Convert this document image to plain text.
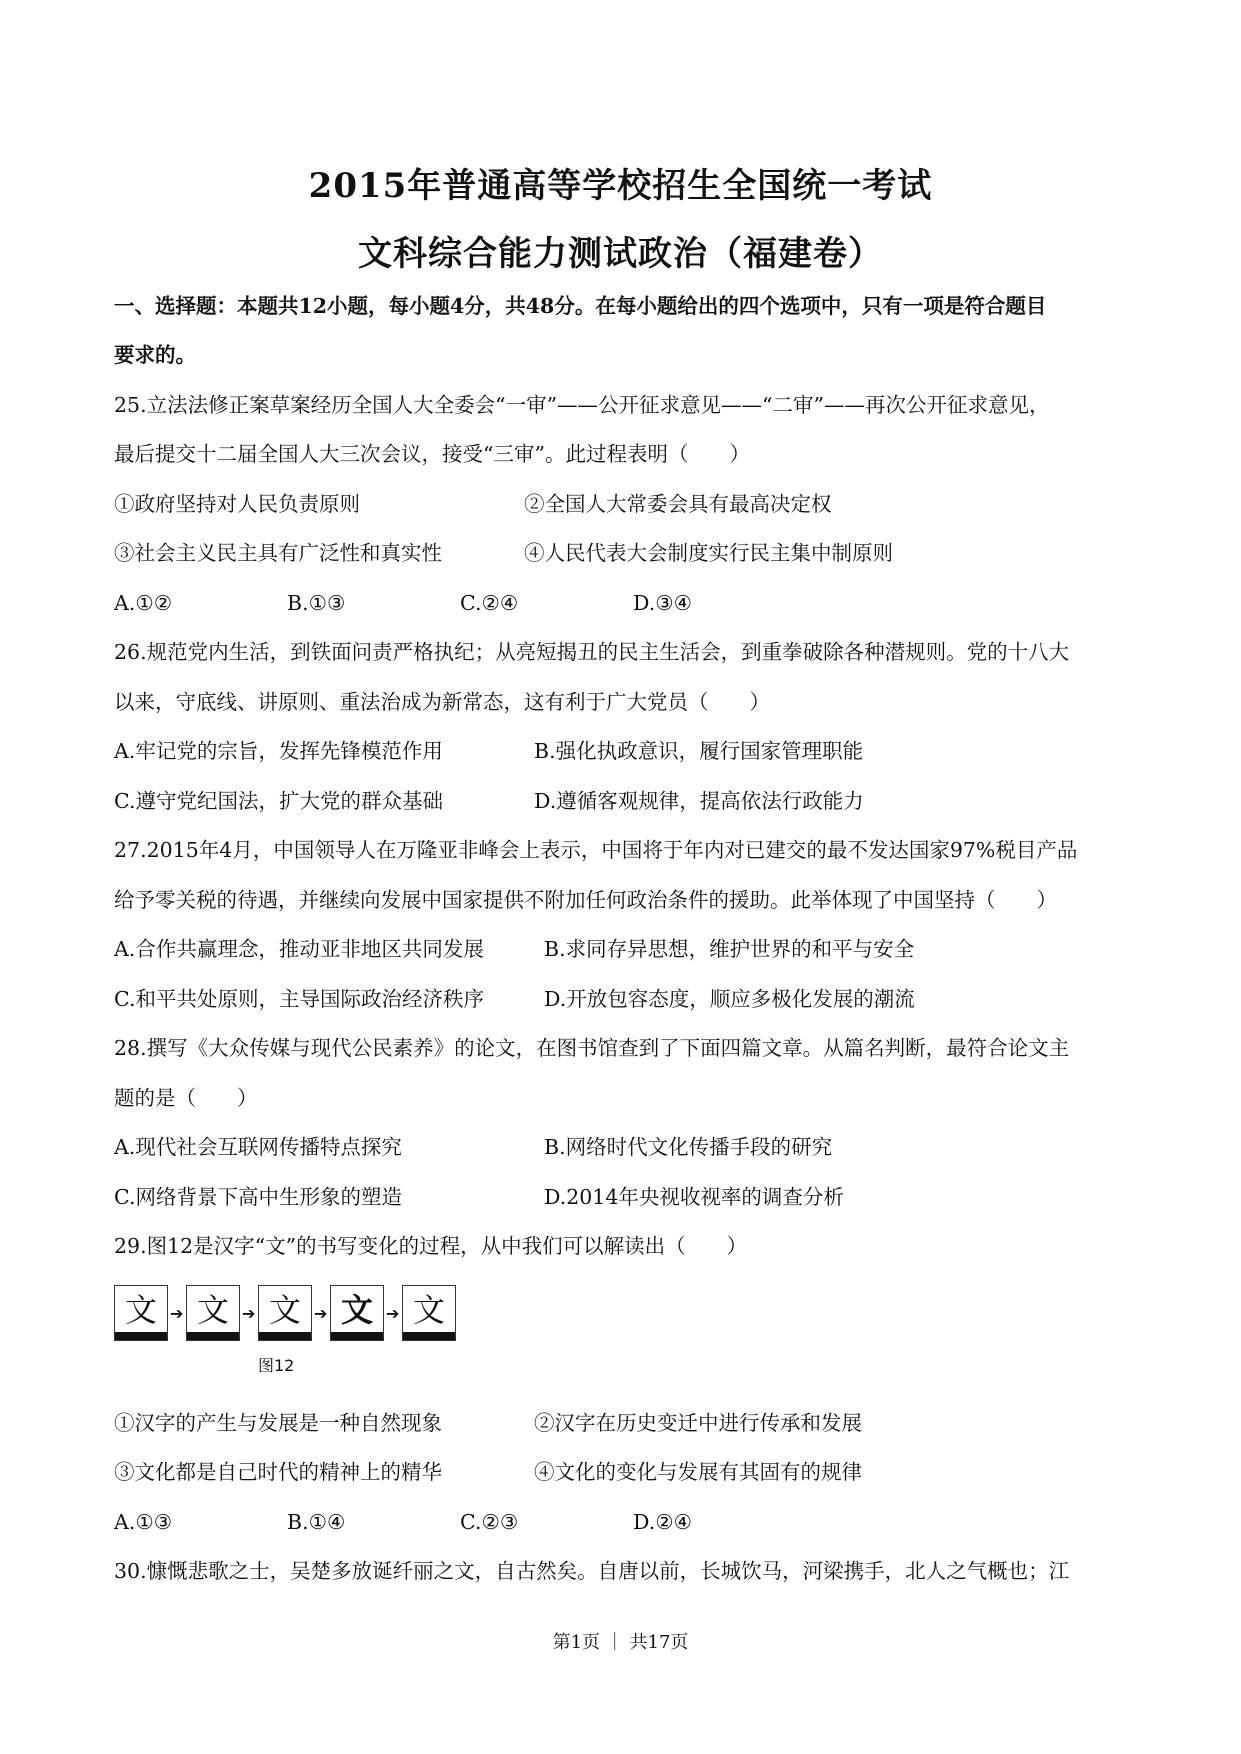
2015年普通高等学校招生全国统一考试
文科综合能力测试政治（福建卷）
一、选择题：本题共12小题，每小题4分，共48分。在每小题给出的四个选项中，只有一项是符合题目
要求的。
25.立法法修正案草案经历全国人大全委会“一审”——公开征求意见——“二审”——再次公开征求意见，
最后提交十二届全国人大三次会议，接受“三审”。此过程表明（　　）
①政府坚持对人民负责原则	②全国人大常委会具有最高决定权
③社会主义民主具有广泛性和真实性	④人民代表大会制度实行民主集中制原则
A.①②	B.①③	C.②④	D.③④
26.规范党内生活，到铁面问责严格执纪；从亮短揭丑的民主生活会，到重拳破除各种潜规则。党的十八大
以来，守底线、讲原则、重法治成为新常态，这有利于广大党员（　　）
A.牢记党的宗旨，发挥先锋模范作用	B.强化执政意识，履行国家管理职能
C.遵守党纪国法，扩大党的群众基础	D.遵循客观规律，提高依法行政能力
27.2015年4月，中国领导人在万隆亚非峰会上表示，中国将于年内对已建交的最不发达国家97%税目产品
给予零关税的待遇，并继续向发展中国家提供不附加任何政治条件的援助。此举体现了中国坚持（　　）
A.合作共赢理念，推动亚非地区共同发展	B.求同存异思想，维护世界的和平与安全
C.和平共处原则，主导国际政治经济秩序	D.开放包容态度，顺应多极化发展的潮流
28.撰写《大众传媒与现代公民素养》的论文，在图书馆查到了下面四篇文章。从篇名判断，最符合论文主
题的是（　　）
A.现代社会互联网传播特点探究	B.网络时代文化传播手段的研究
C.网络背景下高中生形象的塑造	D.2014年央视收视率的调查分析
29.图12是汉字“文”的书写变化的过程，从中我们可以解读出（　　）
文 ➔ 文 ➔ 文 ➔ 文 ➔ 文
图12
①汉字的产生与发展是一种自然现象	②汉字在历史变迁中进行传承和发展
③文化都是自己时代的精神上的精华	④文化的变化与发展有其固有的规律
A.①③	B.①④	C.②③	D.②④
30.慷慨悲歌之士，吴楚多放诞纤丽之文，自古然矣。自唐以前，长城饮马，河梁携手，北人之气概也；江
第1页 ｜ 共17页
